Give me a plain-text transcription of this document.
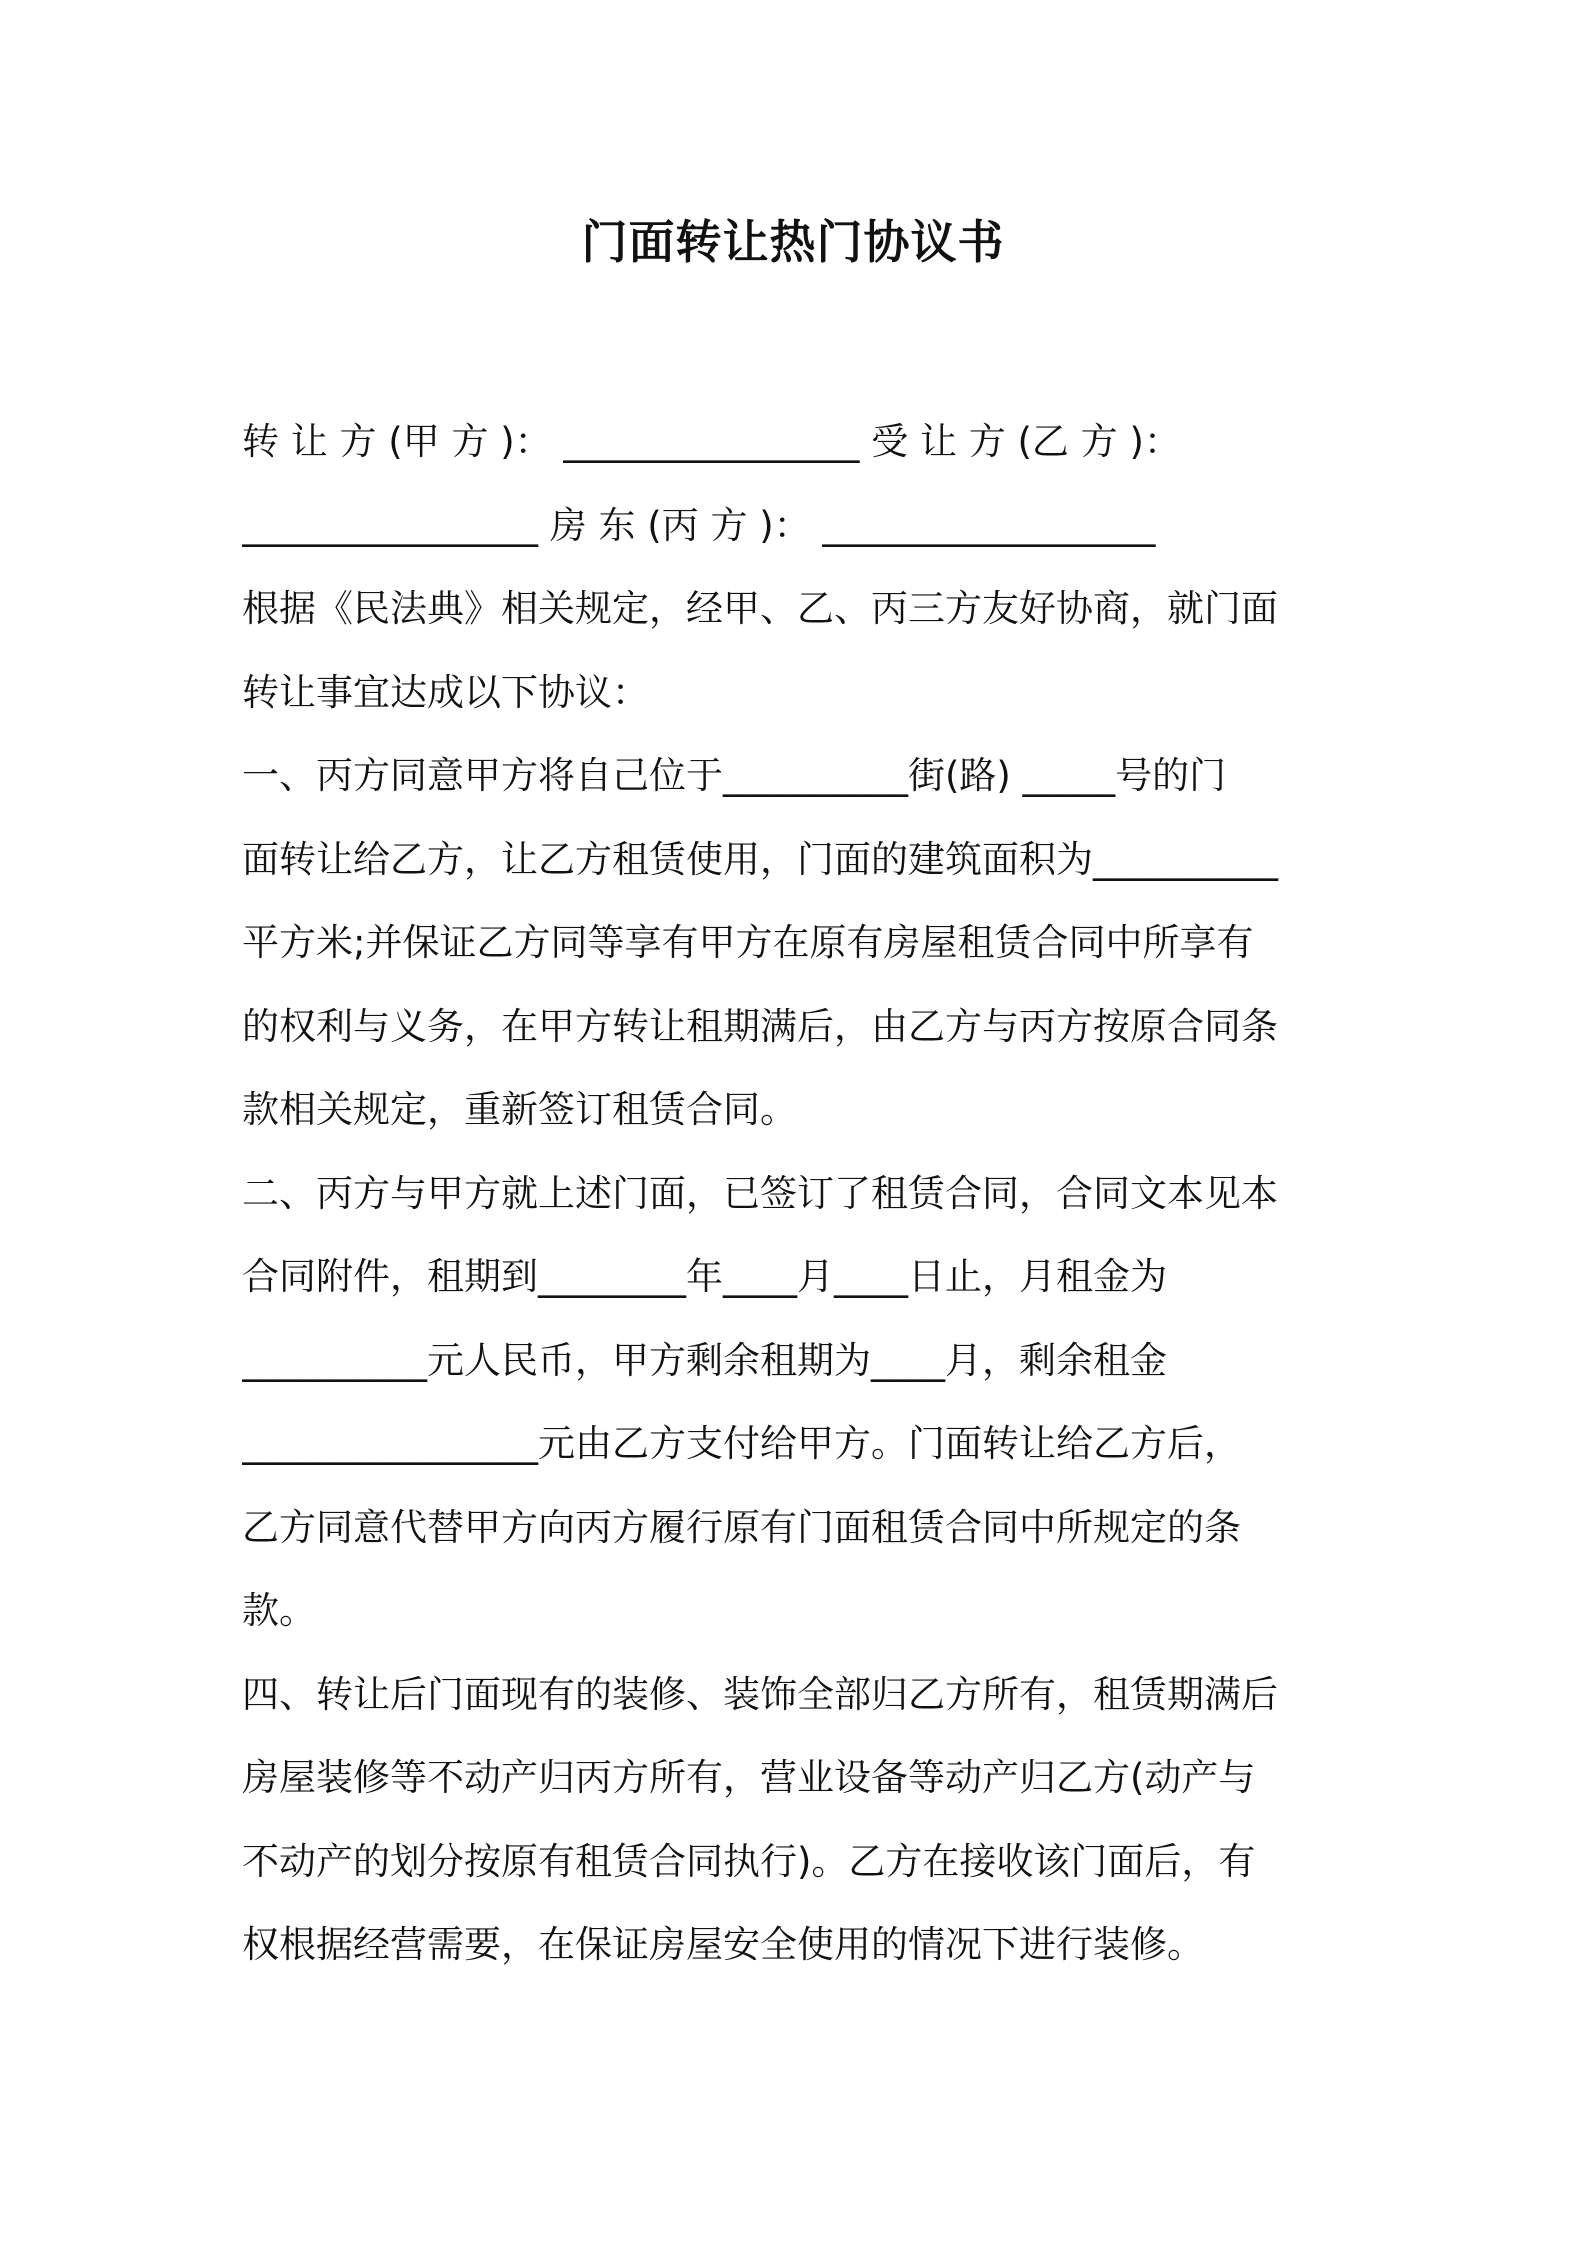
门面转让热门协议书

转 让 方 (甲 方 )： ________________ 受 让 方 (乙 方 )：

________________ 房 东 (丙 方 )： __________________

根据《民法典》相关规定，经甲、乙、丙三方友好协商，就门面

转让事宜达成以下协议：

一、丙方同意甲方将自己位于__________街(路) _____号的门

面转让给乙方，让乙方租赁使用，门面的建筑面积为__________

平方米;并保证乙方同等享有甲方在原有房屋租赁合同中所享有

的权利与义务，在甲方转让租期满后，由乙方与丙方按原合同条

款相关规定，重新签订租赁合同。

二、丙方与甲方就上述门面，已签订了租赁合同，合同文本见本

合同附件，租期到________年____月____日止，月租金为

__________元人民币，甲方剩余租期为____月，剩余租金

________________元由乙方支付给甲方。门面转让给乙方后，

乙方同意代替甲方向丙方履行原有门面租赁合同中所规定的条

款。

四、转让后门面现有的装修、装饰全部归乙方所有，租赁期满后

房屋装修等不动产归丙方所有，营业设备等动产归乙方(动产与

不动产的划分按原有租赁合同执行)。乙方在接收该门面后，有

权根据经营需要，在保证房屋安全使用的情况下进行装修。
